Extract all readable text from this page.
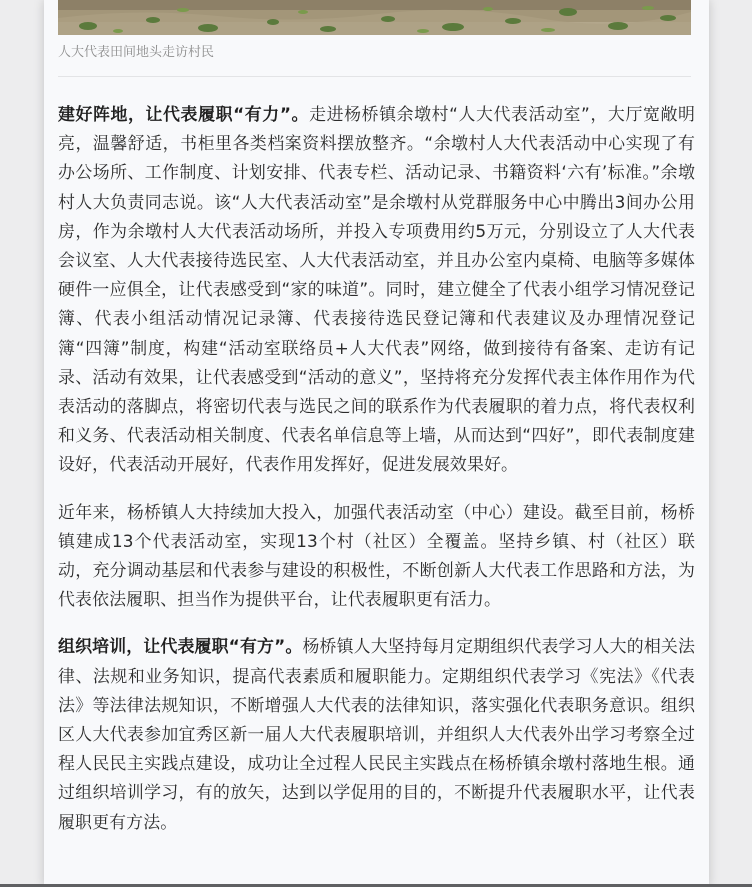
人大代表田间地头走访村民

建好阵地，让代表履职“有力”。走进杨桥镇余墩村“人大代表活动室”，大厅宽敞明亮，温馨舒适，书柜里各类档案资料摆放整齐。“余墩村人大代表活动中心实现了有办公场所、工作制度、计划安排、代表专栏、活动记录、书籍资料‘六有’标准。”余墩村人大负责同志说。该“人大代表活动室”是余墩村从党群服务中心中腾出3间办公用房，作为余墩村人大代表活动场所，并投入专项费用约5万元，分别设立了人大代表会议室、人大代表接待选民室、人大代表活动室，并且办公室内桌椅、电脑等多媒体硬件一应俱全，让代表感受到“家的味道”。同时，建立健全了代表小组学习情况登记簿、代表小组活动情况记录簿、代表接待选民登记簿和代表建议及办理情况登记簿“四簿”制度，构建“活动室联络员+人大代表”网络，做到接待有备案、走访有记录、活动有效果，让代表感受到“活动的意义”，坚持将充分发挥代表主体作用作为代表活动的落脚点，将密切代表与选民之间的联系作为代表履职的着力点，将代表权利和义务、代表活动相关制度、代表名单信息等上墙，从而达到“四好”，即代表制度建设好，代表活动开展好，代表作用发挥好，促进发展效果好。

近年来，杨桥镇人大持续加大投入，加强代表活动室（中心）建设。截至目前，杨桥镇建成13个代表活动室，实现13个村（社区）全覆盖。坚持乡镇、村（社区）联动，充分调动基层和代表参与建设的积极性，不断创新人大代表工作思路和方法，为代表依法履职、担当作为提供平台，让代表履职更有活力。

组织培训，让代表履职“有方”。杨桥镇人大坚持每月定期组织代表学习人大的相关法律、法规和业务知识，提高代表素质和履职能力。定期组织代表学习《宪法》《代表法》等法律法规知识，不断增强人大代表的法律知识，落实强化代表职务意识。组织区人大代表参加宜秀区新一届人大代表履职培训，并组织人大代表外出学习考察全过程人民民主实践点建设，成功让全过程人民民主实践点在杨桥镇余墩村落地生根。通过组织培训学习，有的放矢，达到以学促用的目的，不断提升代表履职水平，让代表履职更有方法。
